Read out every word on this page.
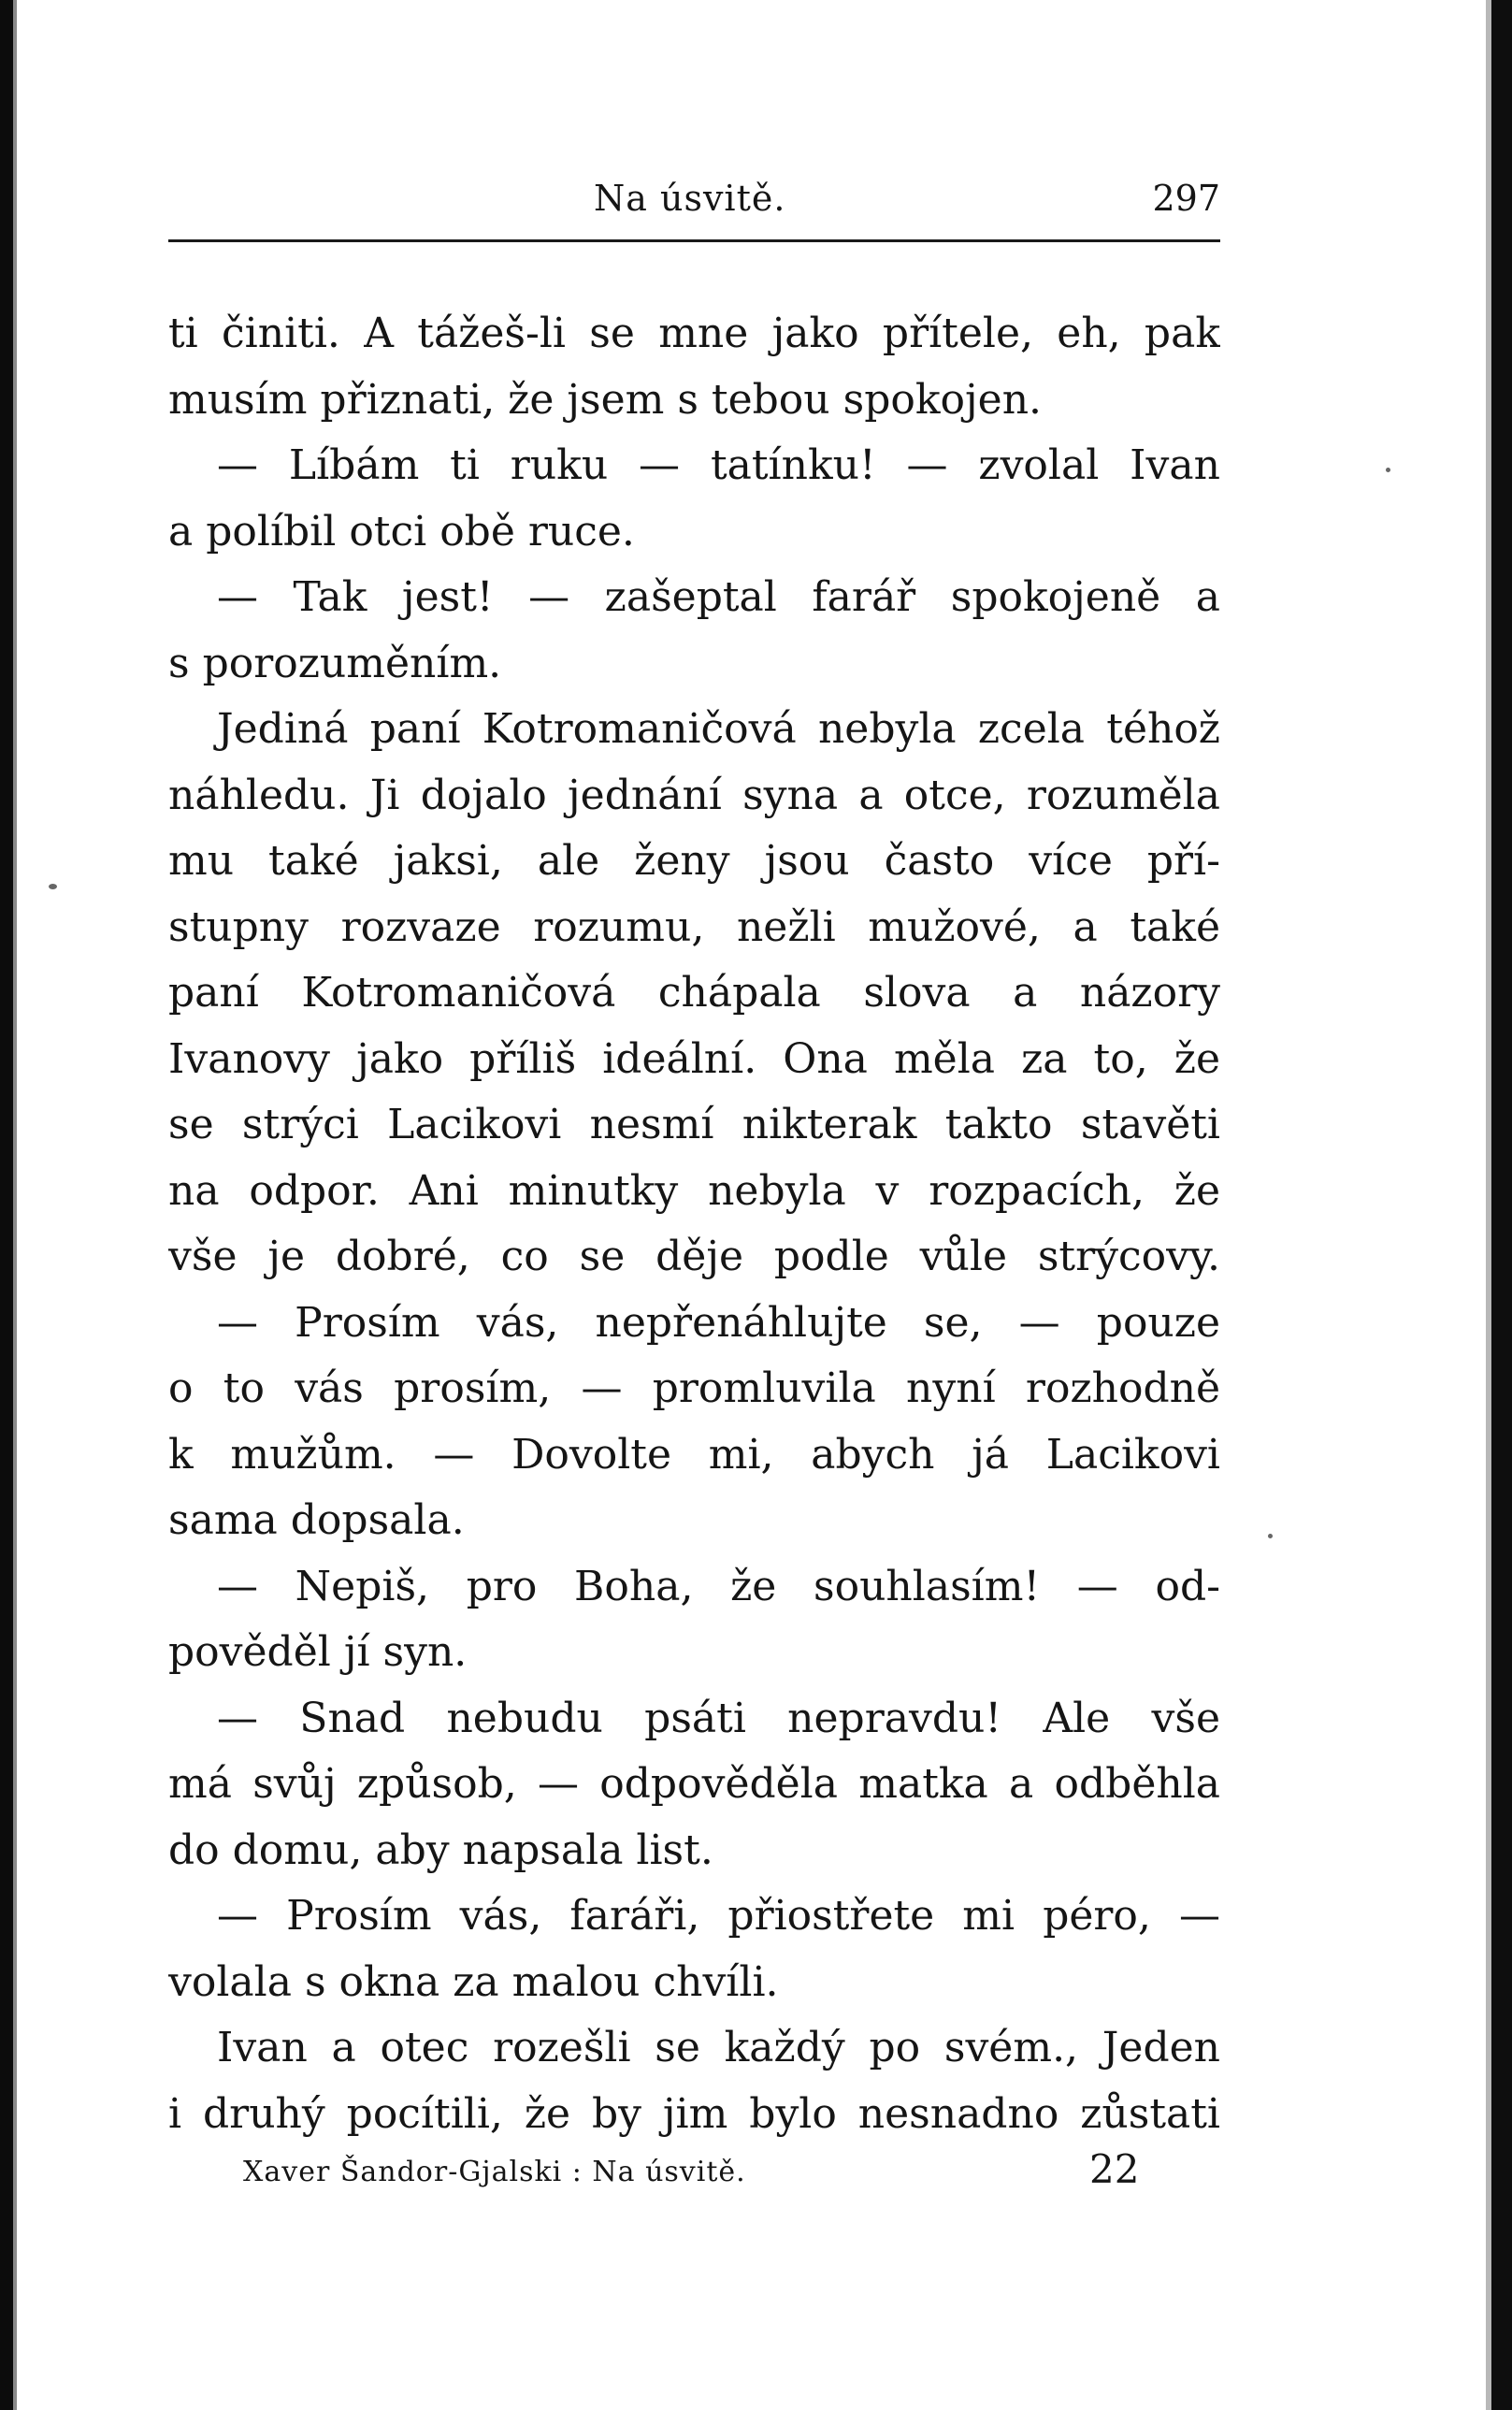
Na úsvitě.	297
ti činiti. A tážeš-li se mne jako přítele, eh, pak
musím přiznati, že jsem s tebou spokojen.
— Líbám ti ruku — tatínku! — zvolal Ivan
a políbil otci obě ruce.
— Tak jest! — zašeptal farář spokojeně a
s porozuměním.
Jediná paní Kotromaničová nebyla zcela téhož
náhledu. Ji dojalo jednání syna a otce, rozuměla
mu také jaksi, ale ženy jsou často více pří-
stupny rozvaze rozumu, nežli mužové, a také
paní Kotromaničová chápala slova a názory
Ivanovy jako příliš ideální. Ona měla za to, že
se strýci Lacikovi nesmí nikterak takto stavěti
na odpor. Ani minutky nebyla v rozpacích, že
vše je dobré, co se děje podle vůle strýcovy.
— Prosím vás, nepřenáhlujte se, — pouze
o to vás prosím, — promluvila nyní rozhodně
k mužům. — Dovolte mi, abych já Lacikovi
sama dopsala.
— Nepiš, pro Boha, že souhlasím! — od-
pověděl jí syn.
— Snad nebudu psáti nepravdu! Ale vše
má svůj způsob, — odpověděla matka a odběhla
do domu, aby napsala list.
— Prosím vás, faráři, přiostřete mi péro, —
volala s okna za malou chvíli.
Ivan a otec rozešli se každý po svém., Jeden
i druhý pocítili, že by jim bylo nesnadno zůstati
Xaver Šandor-Gjalski : Na úsvitě.	22
